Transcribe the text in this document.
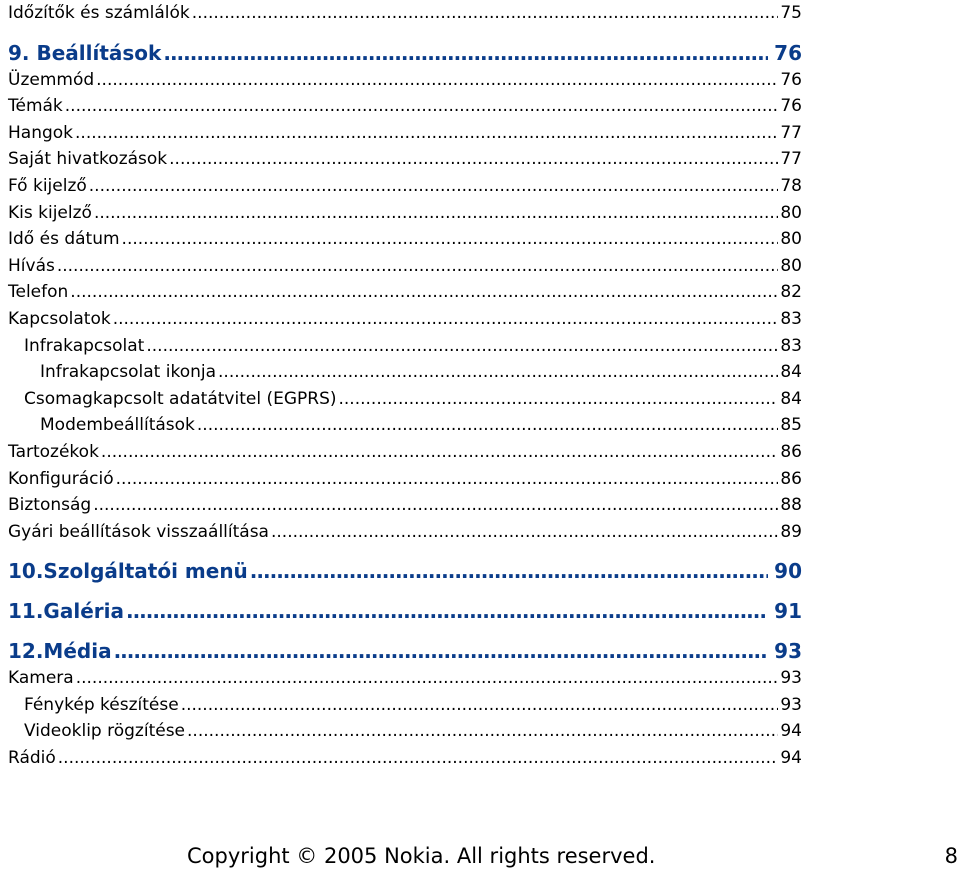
Időzítők és számlálók .....	75
9. Beállítások .....	76
Üzemmód .....	76
Témák .....	76
Hangok .....	77
Saját hivatkozások .....	77
Fő kijelző .....	78
Kis kijelző .....	80
Idő és dátum .....	80
Hívás .....	80
Telefon .....	82
Kapcsolatok .....	83
Infrakapcsolat .....	83
Infrakapcsolat ikonja .....	84
Csomagkapcsolt adatátvitel (EGPRS) .....	84
Modembeállítások .....	85
Tartozékok .....	86
Konfiguráció .....	86
Biztonság .....	88
Gyári beállítások visszaállítása .....	89
10.Szolgáltatói menü .....	90
11.Galéria .....	91
12.Média .....	93
Kamera .....	93
Fénykép készítése .....	93
Videoklip rögzítése .....	94
Rádió .....	94
Copyright © 2005 Nokia. All rights reserved.	8
